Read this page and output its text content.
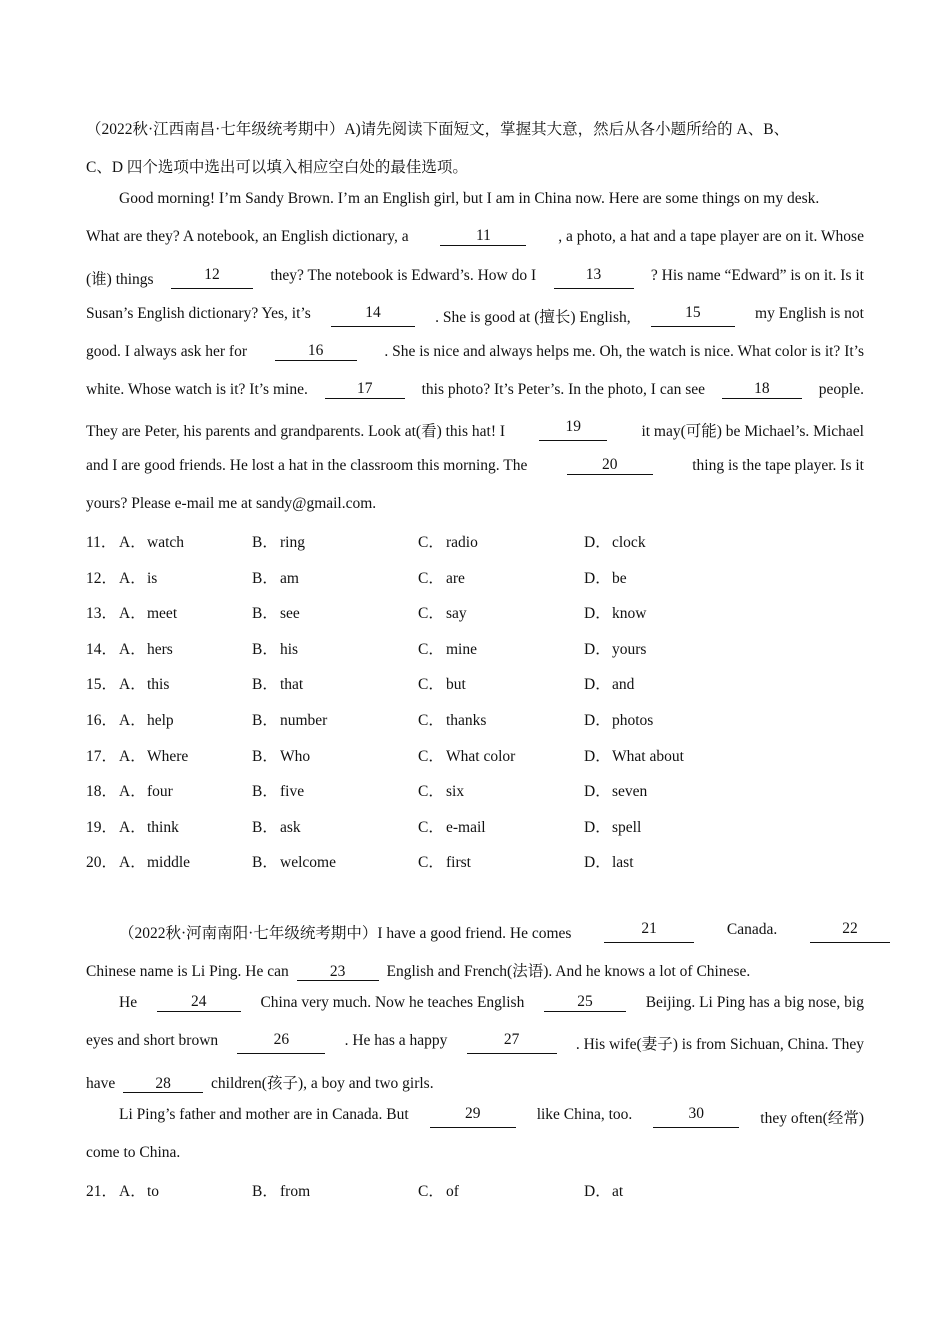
（2022秋·江西南昌·七年级统考期中）A)请先阅读下面短文，掌握其大意，然后从各小题所给的 A、B、
C、D 四个选项中选出可以填入相应空白处的最佳选项。
Good morning! I’m Sandy Brown. I’m an English girl, but I am in China now. Here are some things on my desk.
What are they? A notebook, an English dictionary, a	11	, a photo, a hat and a tape player are on it. Whose
(谁) things	12	they? The notebook is Edward’s. How do I	13	? His name “Edward” is on it. Is it
Susan’s English dictionary? Yes, it’s	14	. She is good at (擅长) English,	15	my English is not
good. I always ask her for	16	. She is nice and always helps me. Oh, the watch is nice. What color is it? It’s
white. Whose watch is it? It’s mine.	17	this photo? It’s Peter’s. In the photo, I can see	18	people.
They are Peter, his parents and grandparents. Look at(看) this hat! I	19	it may(可能) be Michael’s. Michael
and I are good friends. He lost a hat in the classroom this morning. The	20	thing is the tape player. Is it
yours? Please e-mail me at sandy@gmail.com.
11． A．watch	B． ring	C． radio	D．clock
12． A．is	B． am	C． are	D．be
13． A．meet	B． see	C． say	D．know
14． A．hers	B． his	C． mine	D．yours
15． A．this	B． that	C． but	D．and
16． A．help	B． number	C． thanks	D．photos
17． A．Where	B． Who	C． What color	D．What about
18． A．four	B． five	C． six	D．seven
19． A．think	B． ask	C． e-mail	D．spell
20． A．middle	B． welcome	C． first	D．last
（2022秋·河南南阳·七年级统考期中）I have a good friend. He comes	21	Canada.	22
Chinese name is Li Ping. He can	23	English and French(法语). And he knows a lot of Chinese.
He	24	China very much. Now he teaches English	25	Beijing. Li Ping has a big nose, big
eyes and short brown	26	. He has a happy	27	. His wife(妻子) is from Sichuan, China. They
have	28	children(孩子), a boy and two girls.
Li Ping’s father and mother are in Canada. But	29	like China, too.	30	they often(经常)
come to China.
21． A．to	B． from	C． of	D．at
